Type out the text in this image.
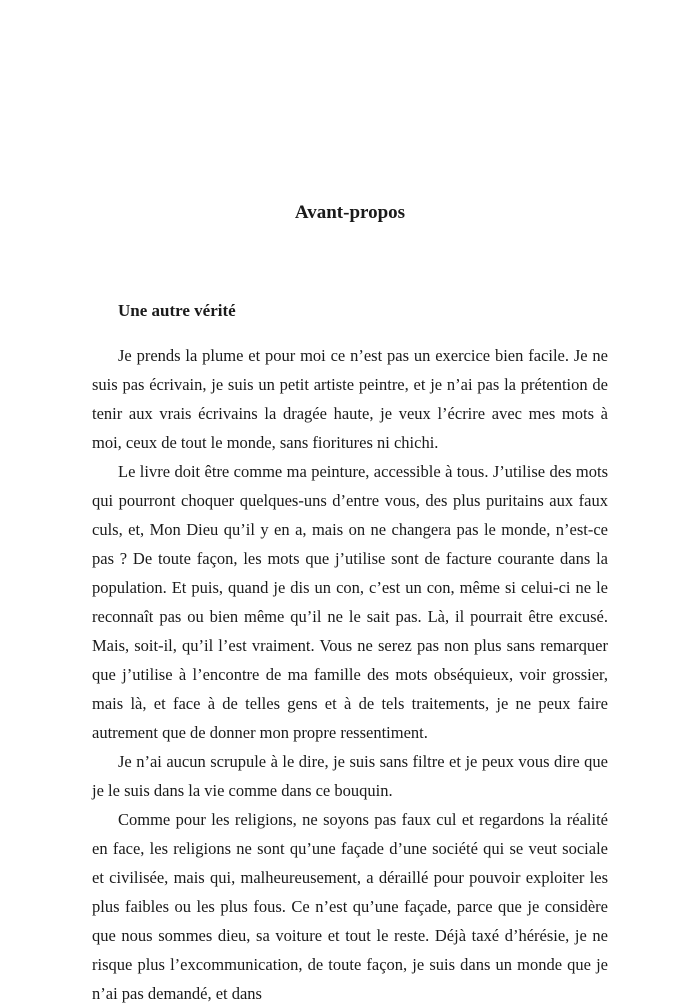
Avant-propos
Une autre vérité

Je prends la plume et pour moi ce n’est pas un exercice bien facile. Je ne suis pas écrivain, je suis un petit artiste peintre, et je n’ai pas la prétention de tenir aux vrais écrivains la dragée haute, je veux l’écrire avec mes mots à moi, ceux de tout le monde, sans fioritures ni chichi.

Le livre doit être comme ma peinture, accessible à tous. J’utilise des mots qui pourront choquer quelques-uns d’entre vous, des plus puritains aux faux culs, et, Mon Dieu qu’il y en a, mais on ne changera pas le monde, n’est-ce pas ? De toute façon, les mots que j’utilise sont de facture courante dans la population. Et puis, quand je dis un con, c’est un con, même si celui-ci ne le reconnaît pas ou bien même qu’il ne le sait pas. Là, il pourrait être excusé. Mais, soit-il, qu’il l’est vraiment. Vous ne serez pas non plus sans remarquer que j’utilise à l’encontre de ma famille des mots obséquieux, voir grossier, mais là, et face à de telles gens et à de tels traitements, je ne peux faire autrement que de donner mon propre ressentiment.

Je n’ai aucun scrupule à le dire, je suis sans filtre et je peux vous dire que je le suis dans la vie comme dans ce bouquin.

Comme pour les religions, ne soyons pas faux cul et regardons la réalité en face, les religions ne sont qu’une façade d’une société qui se veut sociale et civilisée, mais qui, malheureusement, a déraillé pour pouvoir exploiter les plus faibles ou les plus fous. Ce n’est qu’une façade, parce que je considère que nous sommes dieu, sa voiture et tout le reste. Déjà taxé d’hérésie, je ne risque plus l’excommunication, de toute façon, je suis dans un monde que je n’ai pas demandé, et dans
